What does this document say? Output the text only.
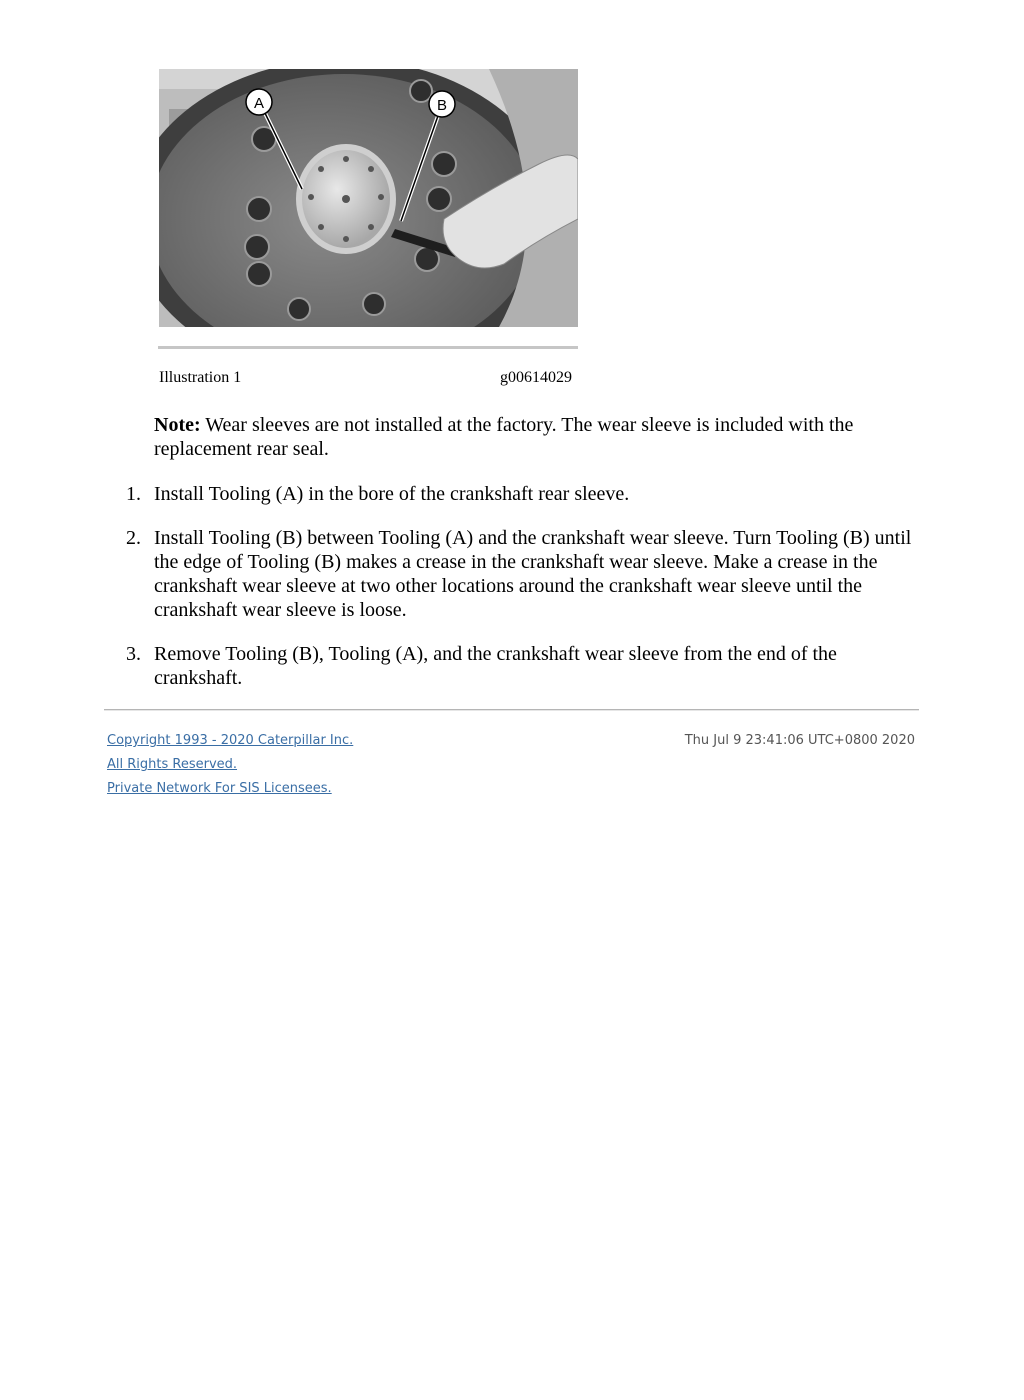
A	B
Illustration 1	g00614029
Note: Wear sleeves are not installed at the factory. The wear sleeve is included with the replacement rear seal.
1. Install Tooling (A) in the bore of the crankshaft rear sleeve.
2. Install Tooling (B) between Tooling (A) and the crankshaft wear sleeve. Turn Tooling (B) until the edge of Tooling (B) makes a crease in the crankshaft wear sleeve. Make a crease in the crankshaft wear sleeve at two other locations around the crankshaft wear sleeve until the crankshaft wear sleeve is loose.
3. Remove Tooling (B), Tooling (A), and the crankshaft wear sleeve from the end of the crankshaft.
Copyright 1993 - 2020 Caterpillar Inc.
All Rights Reserved.
Private Network For SIS Licensees.
Thu Jul 9 23:41:06 UTC+0800 2020
